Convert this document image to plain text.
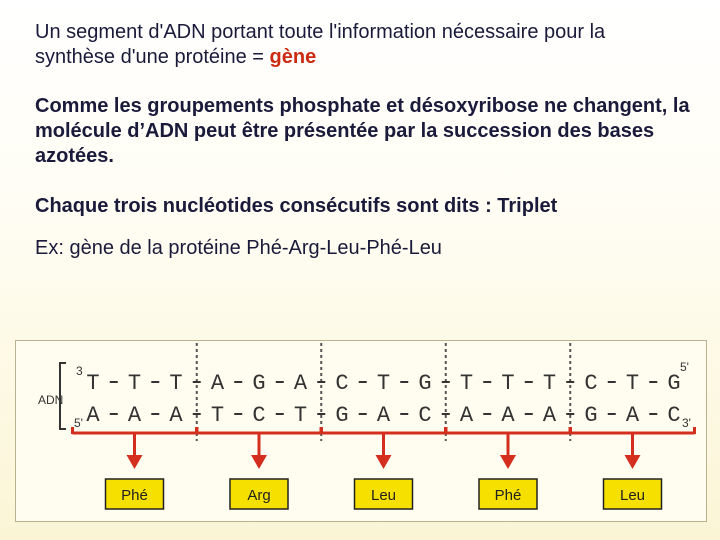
Un segment d'ADN portant toute l'information nécessaire pour la synthèse d'une protéine = gène
Comme les groupements phosphate et désoxyribose ne changent, la molécule d’ADN peut être présentée par la succession des bases azotées.
Chaque trois nucléotides consécutifs sont dits : Triplet
Ex: gène de la protéine Phé-Arg-Leu-Phé-Leu
ADN
3
5'
5'
3'
T T T A G A C T G T T T C T G
A A A T C T G A C A A A G A C
Phé	Arg	Leu	Phé	Leu
